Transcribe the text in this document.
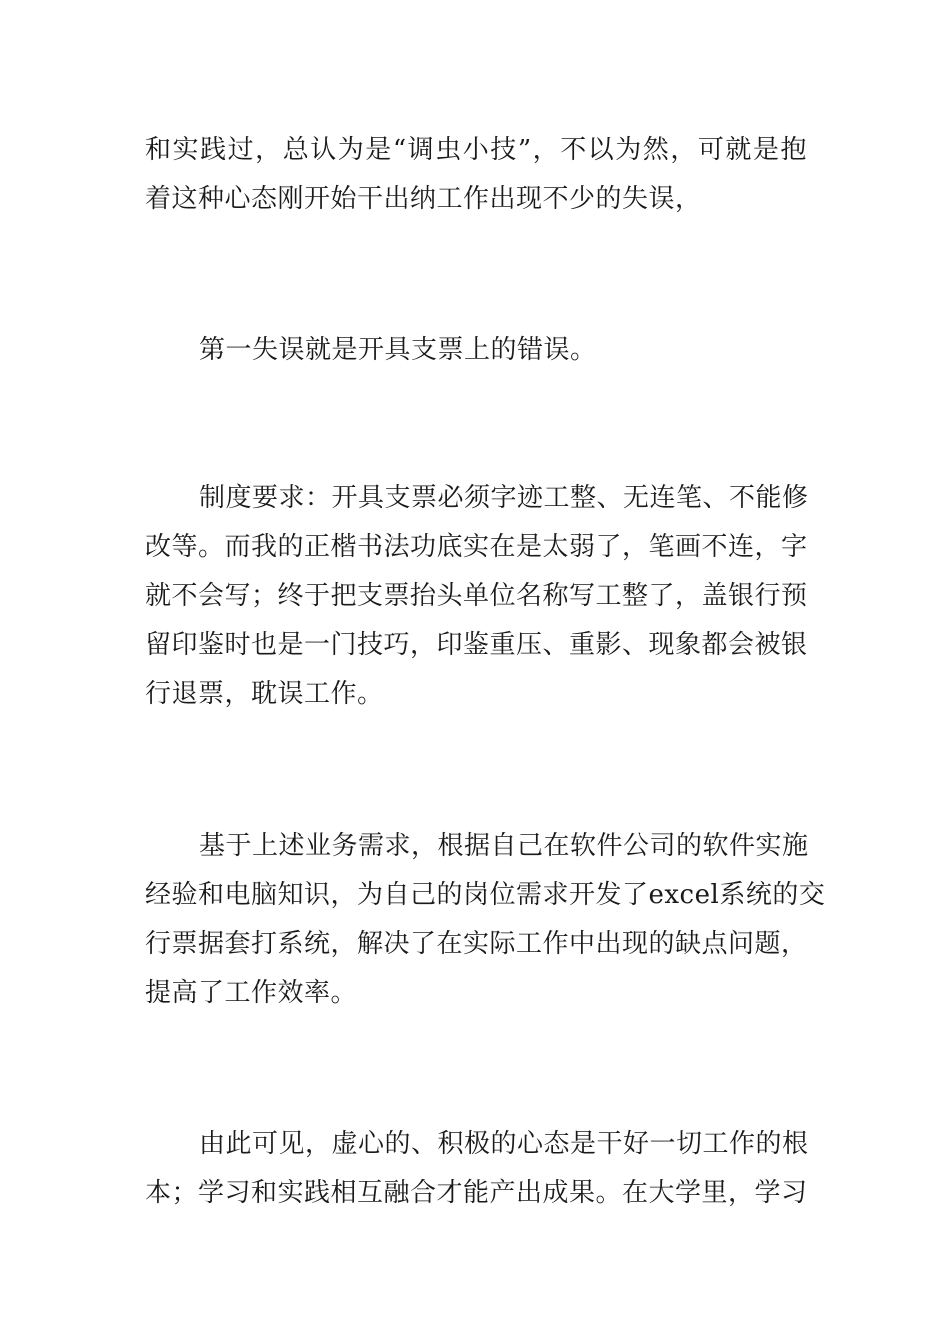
和实践过，总认为是“调虫小技”，不以为然，可就是抱
着这种心态刚开始干出纳工作出现不少的失误，

第一失误就是开具支票上的错误。

制度要求：开具支票必须字迹工整、无连笔、不能修
改等。而我的正楷书法功底实在是太弱了，笔画不连，字
就不会写；终于把支票抬头单位名称写工整了，盖银行预
留印鉴时也是一门技巧，印鉴重压、重影、现象都会被银
行退票，耽误工作。

基于上述业务需求，根据自己在软件公司的软件实施
经验和电脑知识，为自己的岗位需求开发了excel系统的交
行票据套打系统，解决了在实际工作中出现的缺点问题，
提高了工作效率。

由此可见，虚心的、积极的心态是干好一切工作的根
本；学习和实践相互融合才能产出成果。在大学里，学习
